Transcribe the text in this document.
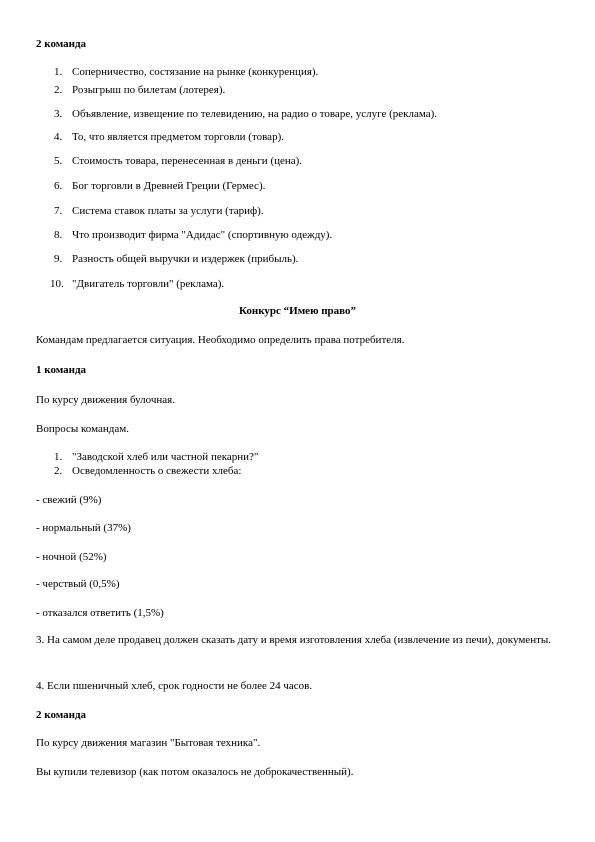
2 команда
1. Соперничество, состязание на рынке (конкуренция).
2. Розыгрыш по билетам (лотерея).
3. Объявление, извещение по телевидению, на радио о товаре, услуге (реклама).
4. То, что является предметом торговли (товар).
5. Стоимость товара, перенесенная в деньги (цена).
6. Бог торговли в Древней Греции (Гермес).
7. Система ставок платы за услуги (тариф).
8. Что производит фирма "Адидас" (спортивную одежду).
9. Разность общей выручки и издержек (прибыль).
10. "Двигатель торговли" (реклама).
Конкурс “Имею право”
Командам предлагается ситуация. Необходимо определить права потребителя.
1 команда
По курсу движения булочная.
Вопросы командам.
1. "Заводской хлеб или частной пекарни?"
2. Осведомленность о свежести хлеба:
- свежий (9%)
- нормальный (37%)
- ночной (52%)
- черствый (0,5%)
- отказался ответить (1,5%)
3. На самом деле продавец должен сказать дату и время изготовления хлеба (извлечение из печи), документы.
4. Если пшеничный хлеб, срок годности не более 24 часов.
2 команда
По курсу движения магазин "Бытовая техника".
Вы купили телевизор (как потом оказалось не доброкачественный).
